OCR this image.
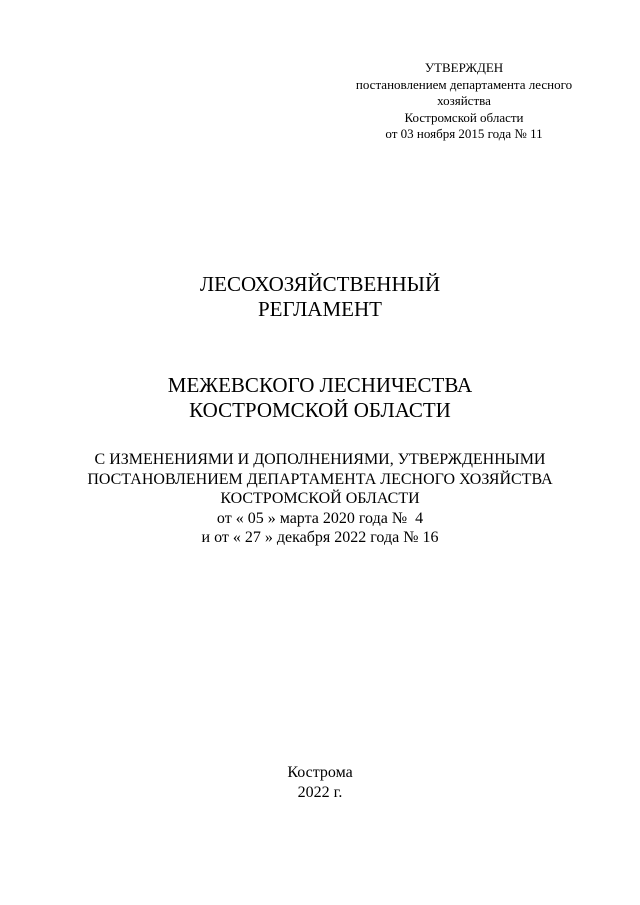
УТВЕРЖДЕН
постановлением департамента лесного
хозяйства
Костромской области
от 03 ноября 2015 года № 11
ЛЕСОХОЗЯЙСТВЕННЫЙ
РЕГЛАМЕНТ
МЕЖЕВСКОГО ЛЕСНИЧЕСТВА
КОСТРОМСКОЙ ОБЛАСТИ
С ИЗМЕНЕНИЯМИ И ДОПОЛНЕНИЯМИ, УТВЕРЖДЕННЫМИ
ПОСТАНОВЛЕНИЕМ ДЕПАРТАМЕНТА ЛЕСНОГО ХОЗЯЙСТВА
КОСТРОМСКОЙ ОБЛАСТИ
от « 05 » марта 2020 года №  4
и от « 27 » декабря 2022 года № 16
Кострома
2022 г.
